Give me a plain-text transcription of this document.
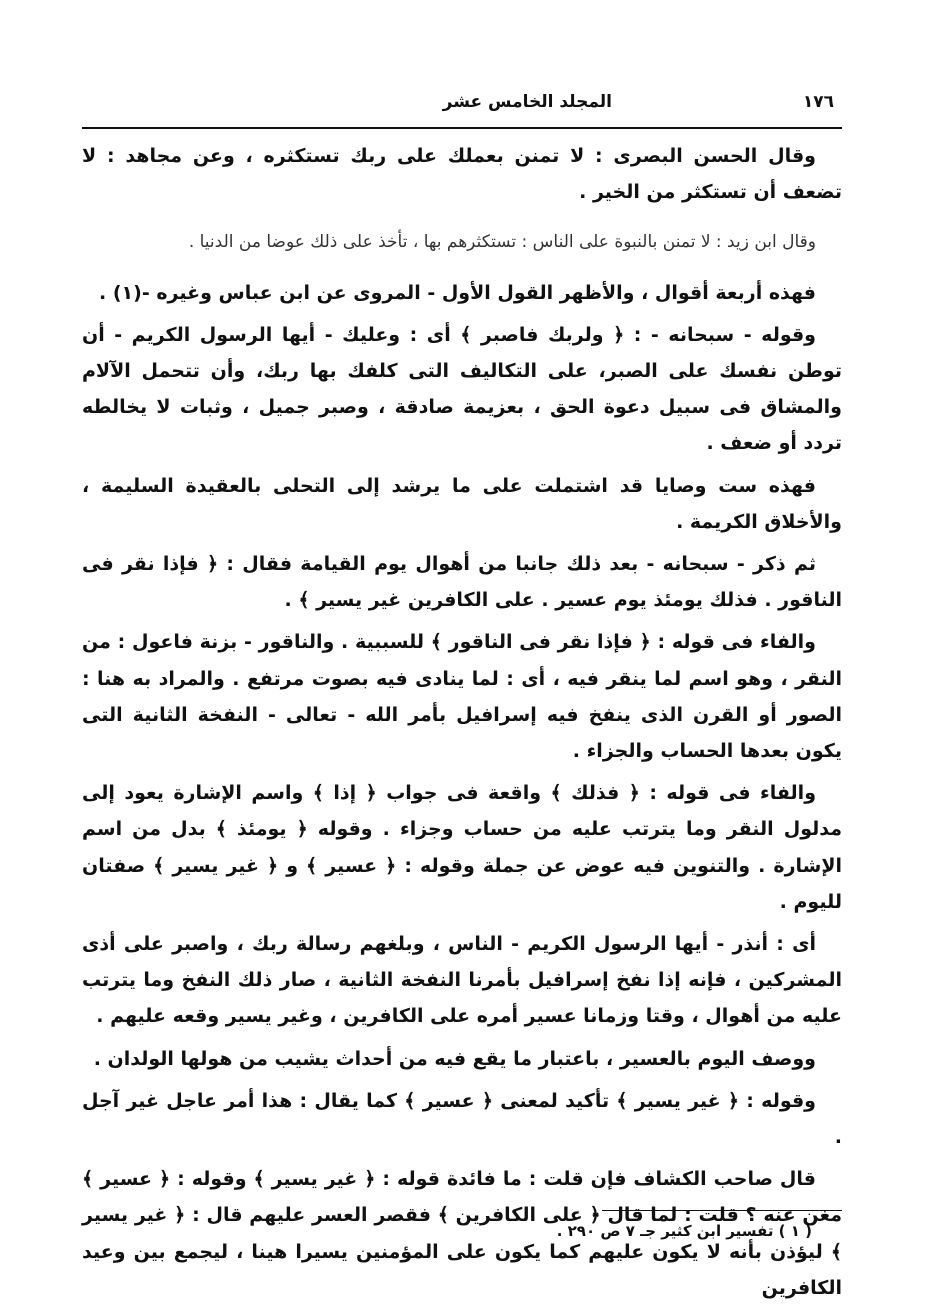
١٧٦
المجلد الخامس عشر

وقال الحسن البصرى : لا تمنن بعملك على ربك تستكثره ، وعن مجاهد : لا تضعف أن تستكثر من الخير .

وقال ابن زيد : لا تمنن بالنبوة على الناس : تستكثرهم بها ، تأخذ على ذلك عوضا من الدنيا .

فهذه أربعة أقوال ، والأظهر القول الأول - المروى عن ابن عباس وغيره -(١) .

وقوله - سبحانه - : ﴿ ولربك فاصبر ﴾ أى : وعليك - أيها الرسول الكريم - أن توطن نفسك على الصبر، على التكاليف التى كلفك بها ربك، وأن تتحمل الآلام والمشاق فى سبيل دعوة الحق ، بعزيمة صادقة ، وصبر جميل ، وثبات لا يخالطه تردد أو ضعف .

فهذه ست وصايا قد اشتملت على ما يرشد إلى التحلى بالعقيدة السليمة ، والأخلاق الكريمة .

ثم ذكر - سبحانه - بعد ذلك جانبا من أهوال يوم القيامة فقال : ﴿ فإذا نقر فى الناقور . فذلك يومئذ يوم عسير . على الكافرين غير يسير ﴾ .

والفاء فى قوله : ﴿ فإذا نقر فى الناقور ﴾ للسببية . والناقور - بزنة فاعول : من النقر ، وهو اسم لما ينقر فيه ، أى : لما ينادى فيه بصوت مرتفع . والمراد به هنا : الصور أو القرن الذى ينفخ فيه إسرافيل بأمر الله - تعالى - النفخة الثانية التى يكون بعدها الحساب والجزاء .

والفاء فى قوله : ﴿ فذلك ﴾ واقعة فى جواب ﴿ إذا ﴾ واسم الإشارة يعود إلى مدلول النقر وما يترتب عليه من حساب وجزاء . وقوله ﴿ يومئذ ﴾ بدل من اسم الإشارة . والتنوين فيه عوض عن جملة وقوله : ﴿ عسير ﴾ و ﴿ غير يسير ﴾ صفتان لليوم .

أى : أنذر - أيها الرسول الكريم - الناس ، وبلغهم رسالة ربك ، واصبر على أذى المشركين ، فإنه إذا نفخ إسرافيل بأمرنا النفخة الثانية ، صار ذلك النفخ وما يترتب عليه من أهوال ، وقتا وزمانا عسير أمره على الكافرين ، وغير يسير وقعه عليهم .

ووصف اليوم بالعسير ، باعتبار ما يقع فيه من أحداث يشيب من هولها الولدان .

وقوله : ﴿ غير يسير ﴾ تأكيد لمعنى ﴿ عسير ﴾ كما يقال : هذا أمر عاجل غير آجل .

قال صاحب الكشاف فإن قلت : ما فائدة قوله : ﴿ غير يسير ﴾ وقوله : ﴿ عسير ﴾ مغن عنه ؟ قلت : لما قال ﴿ على الكافرين ﴾ فقصر العسر عليهم قال : ﴿ غير يسير ﴾ ليؤذن بأنه لا يكون عليهم كما يكون على المؤمنين يسيرا هينا ، ليجمع بين وعيد الكافرين

( ١ ) تفسير ابن كثير جـ ٧ ص ٢٩٠ .
